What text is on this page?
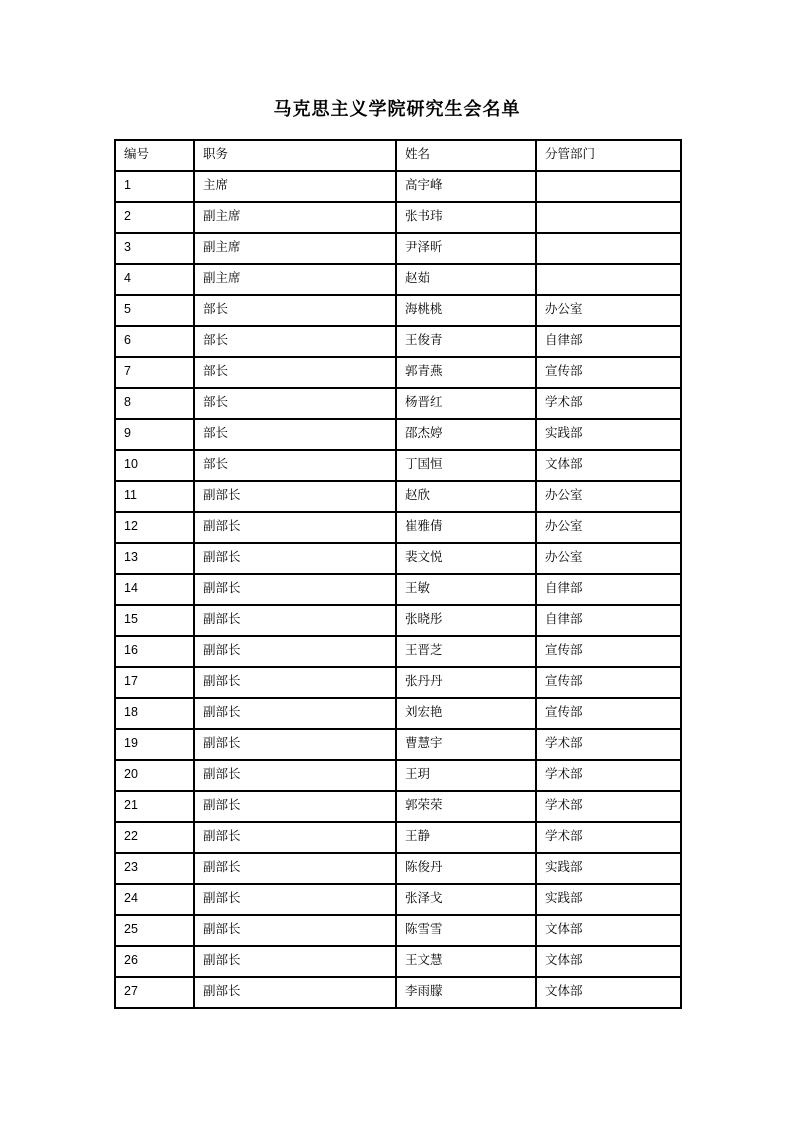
马克思主义学院研究生会名单
编号	职务	姓名	分管部门
1	主席	高宇峰	
2	副主席	张书玮	
3	副主席	尹泽昕	
4	副主席	赵茹	
5	部长	海桃桃	办公室
6	部长	王俊青	自律部
7	部长	郭青燕	宣传部
8	部长	杨晋红	学术部
9	部长	邵杰婷	实践部
10	部长	丁国恒	文体部
11	副部长	赵欣	办公室
12	副部长	崔雅倩	办公室
13	副部长	裴文悦	办公室
14	副部长	王敏	自律部
15	副部长	张晓彤	自律部
16	副部长	王晋芝	宣传部
17	副部长	张丹丹	宣传部
18	副部长	刘宏艳	宣传部
19	副部长	曹慧宇	学术部
20	副部长	王玥	学术部
21	副部长	郭荣荣	学术部
22	副部长	王静	学术部
23	副部长	陈俊丹	实践部
24	副部长	张泽戈	实践部
25	副部长	陈雪雪	文体部
26	副部长	王文慧	文体部
27	副部长	李雨朦	文体部
